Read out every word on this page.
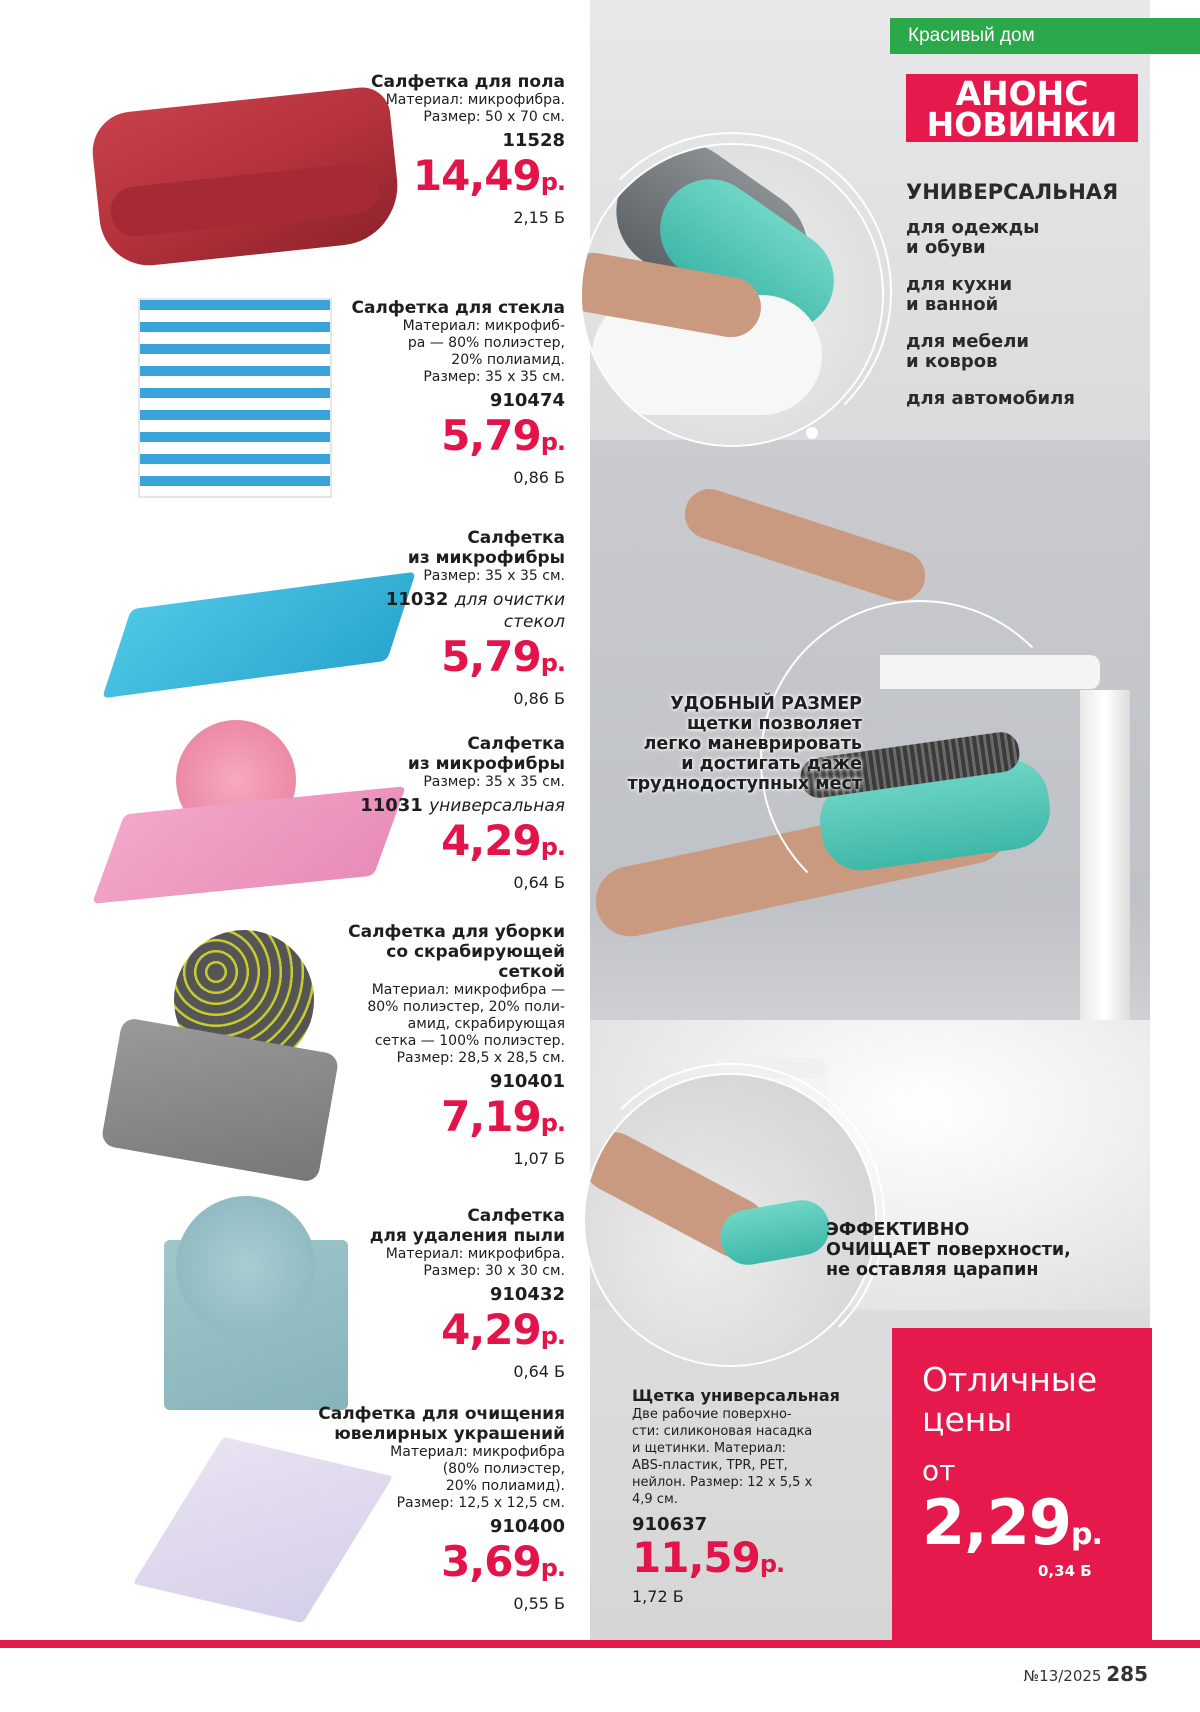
Красивый дом
АНОНС
НОВИНКИ
УНИВЕРСАЛЬНАЯ
для одежды
и обуви
для кухни
и ванной
для мебели
и ковров
для автомобиля
УДОБНЫЙ РАЗМЕР
щетки позволяет
легко маневрировать
и достигать даже
труднодоступных мест
ЭФФЕКТИВНО
ОЧИЩАЕТ поверхности,
не оставляя царапин
Салфетка для пола
Материал: микрофибра.
Размер: 50 х 70 см.
11528
14,49р.
2,15 Б
Салфетка для стекла
Материал: микрофиб-
ра — 80% полиэстер,
20% полиамид.
Размер: 35 х 35 см.
910474
5,79р.
0,86 Б
Салфетка
из микрофибры
Размер: 35 х 35 см.
11032 для очистки
стекол
5,79р.
0,86 Б
Салфетка
из микрофибры
Размер: 35 х 35 см.
11031 универсальная
4,29р.
0,64 Б
Салфетка для уборки
со скрабирующей
сеткой
Материал: микрофибра —
80% полиэстер, 20% поли-
амид, скрабирующая
сетка — 100% полиэстер.
Размер: 28,5 х 28,5 см.
910401
7,19р.
1,07 Б
Салфетка
для удаления пыли
Материал: микрофибра.
Размер: 30 х 30 см.
910432
4,29р.
0,64 Б
Салфетка для очищения
ювелирных украшений
Материал: микрофибра
(80% полиэстер,
20% полиамид).
Размер: 12,5 х 12,5 см.
910400
3,69р.
0,55 Б
Щетка универсальная
Две рабочие поверхно-
сти: силиконовая насадка
и щетинки. Материал:
ABS-пластик, TPR, PET,
нейлон. Размер: 12 х 5,5 х
4,9 см.
910637
11,59р.
1,72 Б
Отличные
цены
от
2,29р.
0,34 Б
№13/2025 285
